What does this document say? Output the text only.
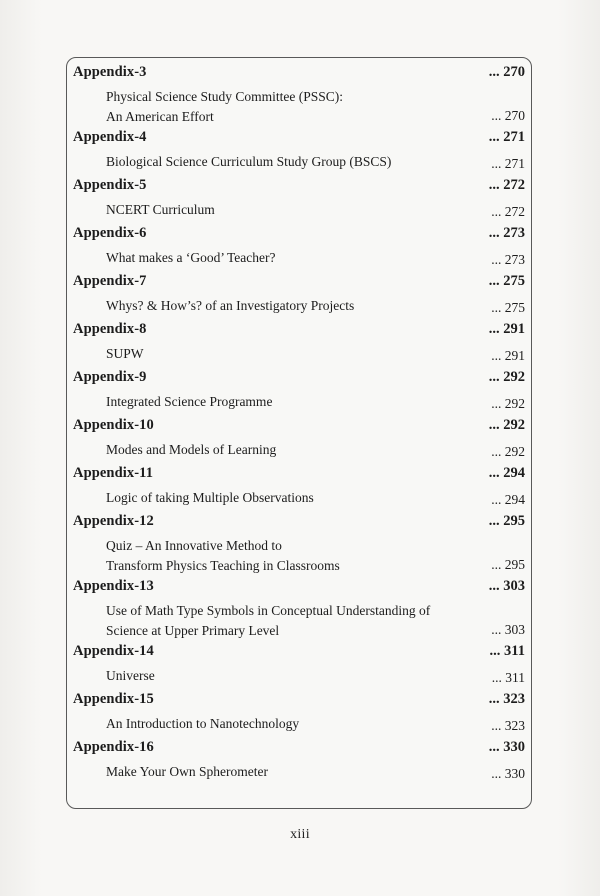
Appendix-3	... 270
Physical Science Study Committee (PSSC):
An American Effort	... 270
Appendix-4	... 271
Biological Science Curriculum Study Group (BSCS)	... 271
Appendix-5	... 272
NCERT Curriculum	... 272
Appendix-6	... 273
What makes a ‘Good’ Teacher?	... 273
Appendix-7	... 275
Whys? & How’s? of an Investigatory Projects	... 275
Appendix-8	... 291
SUPW	... 291
Appendix-9	... 292
Integrated Science Programme	... 292
Appendix-10	... 292
Modes and Models of Learning	... 292
Appendix-11	... 294
Logic of taking Multiple Observations	... 294
Appendix-12	... 295
Quiz – An Innovative Method to
Transform Physics Teaching in Classrooms	... 295
Appendix-13	... 303
Use of Math Type Symbols in Conceptual Understanding of
Science at Upper Primary Level	... 303
Appendix-14	... 311
Universe	... 311
Appendix-15	... 323
An Introduction to Nanotechnology	... 323
Appendix-16	... 330
Make Your Own Spherometer	... 330
xiii
